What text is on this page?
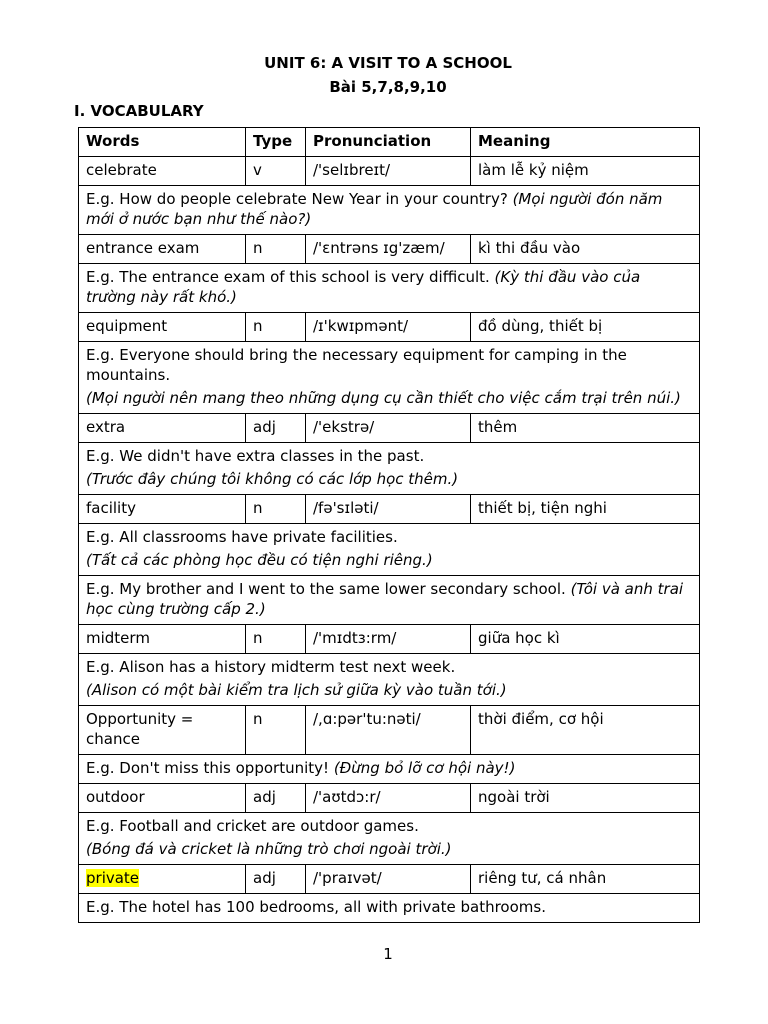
UNIT 6: A VISIT TO A SCHOOL
Bài 5,7,8,9,10
I. VOCABULARY
Words	Type	Pronunciation	Meaning
celebrate	v	/'selɪbreɪt/	làm lễ kỷ niệm
E.g. How do people celebrate New Year in your country? (Mọi người đón năm mới ở nước bạn như thế nào?)			
entrance exam	n	/'ɛntrəns ɪg'zæm/	kì thi đầu vào
E.g. The entrance exam of this school is very difficult. (Kỳ thi đầu vào của trường này rất khó.)			
equipment	n	/ɪ'kwɪpmənt/	đồ dùng, thiết bị

E.g. Everyone should bring the necessary equipment for camping in the mountains.
(Mọi người nên mang theo những dụng cụ cần thiết cho việc cắm trại trên núi.)			

extra	adj	/'ekstrə/	thêm

E.g. We didn't have extra classes in the past.
(Trước đây chúng tôi không có các lớp học thêm.)			

facility	n	/fə'sɪləti/	thiết bị, tiện nghi

E.g. All classrooms have private facilities.
(Tất cả các phòng học đều có tiện nghi riêng.)			

E.g. My brother and I went to the same lower secondary school. (Tôi và anh trai học cùng trường cấp 2.)			
midterm	n	/'mɪdtɜ:rm/	giữa học kì

E.g. Alison has a history midterm test next week.
(Alison có một bài kiểm tra lịch sử giữa kỳ vào tuần tới.)			

Opportunity = chance	n	/,ɑ:pər'tu:nəti/	thời điểm, cơ hội
E.g. Don't miss this opportunity! (Đừng bỏ lỡ cơ hội này!)			
outdoor	adj	/'aʊtdɔ:r/	ngoài trời

E.g. Football and cricket are outdoor games.
(Bóng đá và cricket là những trò chơi ngoài trời.)			

private	adj	/'praɪvət/	riêng tư, cá nhân
E.g. The hotel has 100 bedrooms, all with private bathrooms.			
1
